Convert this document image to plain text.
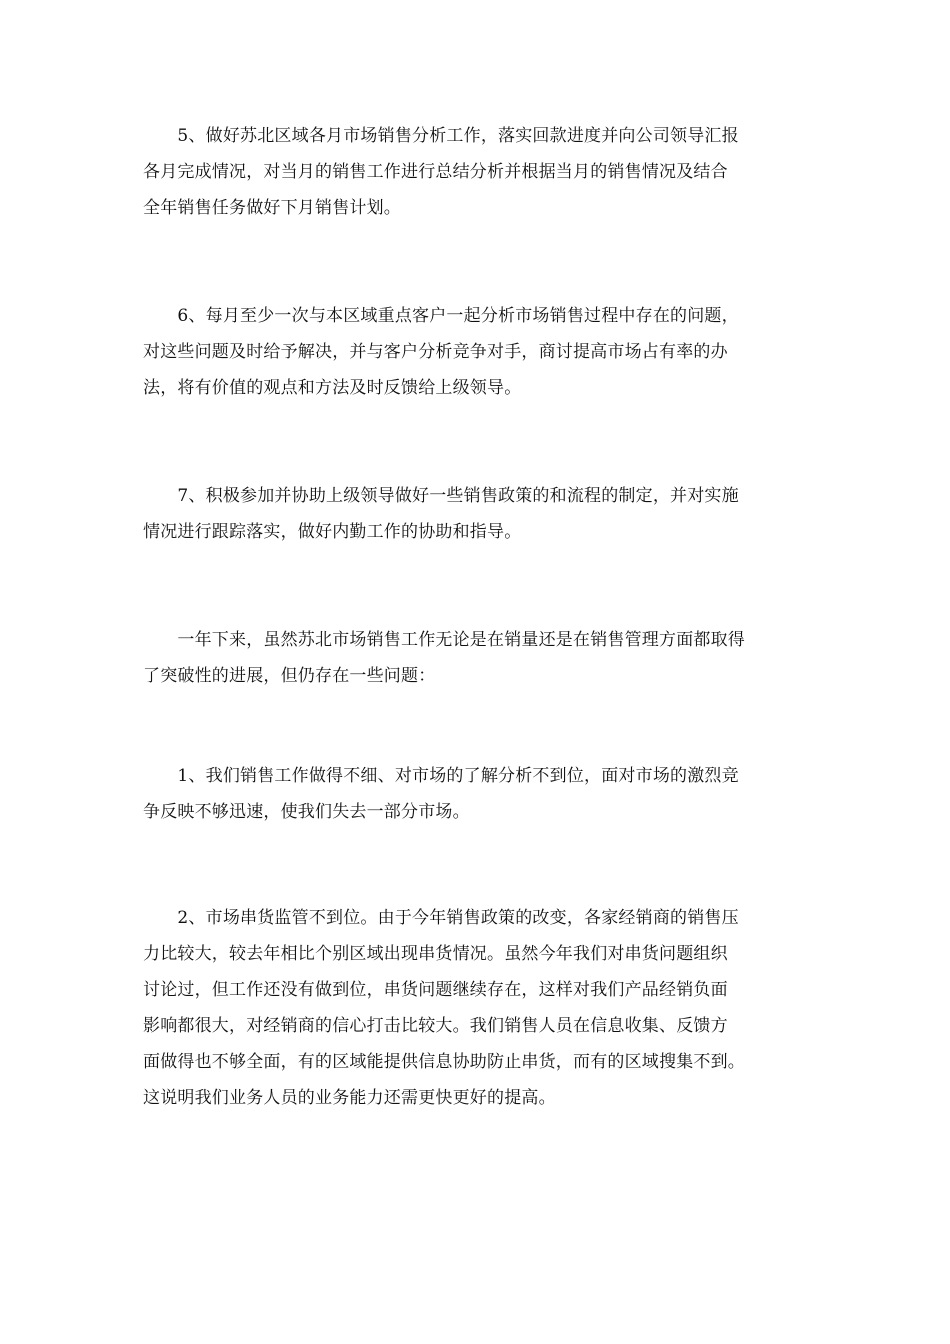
　　5、做好苏北区域各月市场销售分析工作，落实回款进度并向公司领导汇报
各月完成情况，对当月的销售工作进行总结分析并根据当月的销售情况及结合
全年销售任务做好下月销售计划。

　　6、每月至少一次与本区域重点客户一起分析市场销售过程中存在的问题，
对这些问题及时给予解决，并与客户分析竞争对手，商讨提高市场占有率的办
法，将有价值的观点和方法及时反馈给上级领导。

　　7、积极参加并协助上级领导做好一些销售政策的和流程的制定，并对实施
情况进行跟踪落实，做好内勤工作的协助和指导。

　　一年下来，虽然苏北市场销售工作无论是在销量还是在销售管理方面都取得
了突破性的进展，但仍存在一些问题：

　　1、我们销售工作做得不细、对市场的了解分析不到位，面对市场的激烈竞
争反映不够迅速，使我们失去一部分市场。

　　2、市场串货监管不到位。由于今年销售政策的改变，各家经销商的销售压
力比较大，较去年相比个别区域出现串货情况。虽然今年我们对串货问题组织
讨论过，但工作还没有做到位，串货问题继续存在，这样对我们产品经销负面
影响都很大，对经销商的信心打击比较大。我们销售人员在信息收集、反馈方
面做得也不够全面，有的区域能提供信息协助防止串货，而有的区域搜集不到。
这说明我们业务人员的业务能力还需更快更好的提高。
